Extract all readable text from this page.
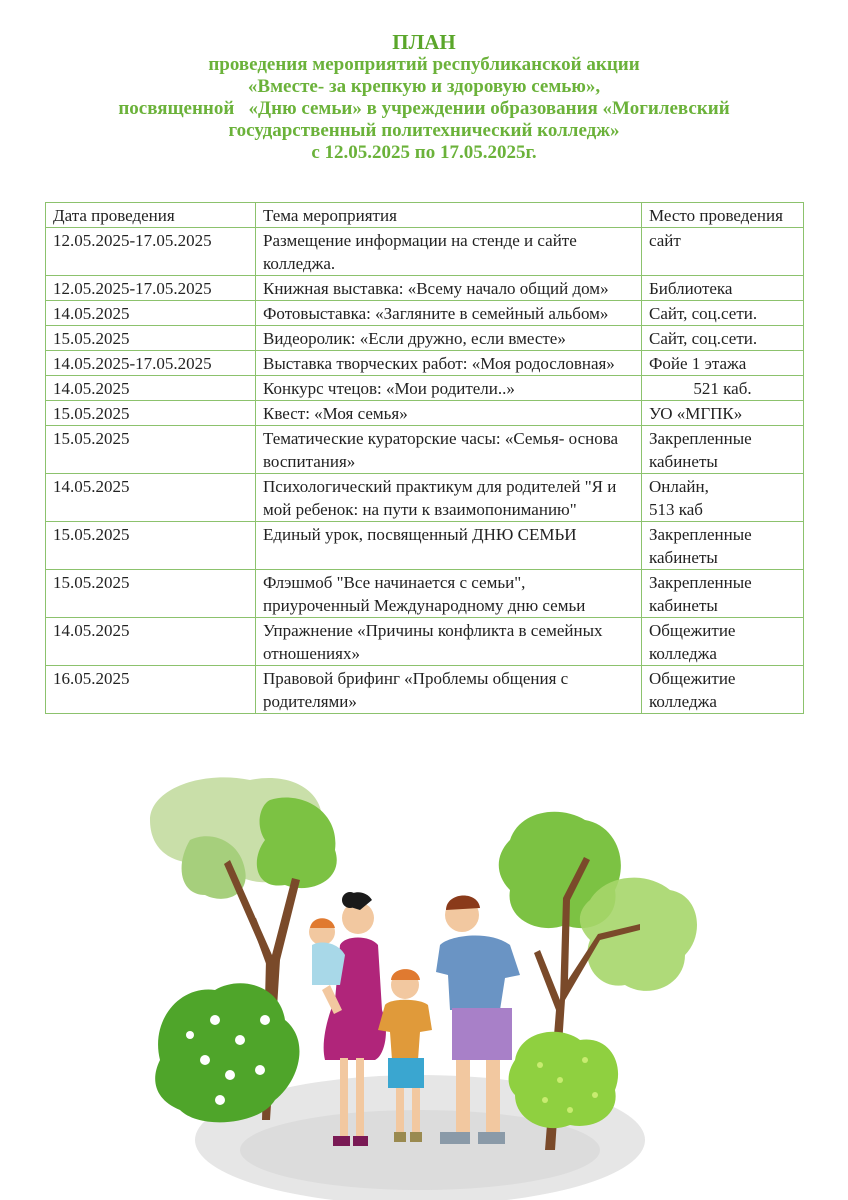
ПЛАН
проведения мероприятий республиканской акции
«Вместе- за крепкую и здоровую семью»,
посвященной   «Дню семьи» в учреждении образования «Могилевский
государственный политехнический колледж»
с 12.05.2025 по 17.05.2025г.
Дата проведения	Тема мероприятия	Место проведения
12.05.2025-17.05.2025	Размещение информации на стенде и сайте колледжа.	сайт
12.05.2025-17.05.2025	Книжная выставка: «Всему начало общий дом»	Библиотека
14.05.2025	Фотовыставка: «Загляните в семейный альбом»	Сайт, соц.сети.
15.05.2025	Видеоролик: «Если дружно, если вместе»	Сайт, соц.сети.
14.05.2025-17.05.2025	Выставка творческих работ: «Моя родословная»	Фойе 1 этажа
14.05.2025	Конкурс чтецов: «Мои родители..»	521 каб.
15.05.2025	Квест: «Моя семья»	УО «МГПК»
15.05.2025	Тематические кураторские часы: «Семья- основа воспитания»	Закрепленные кабинеты
14.05.2025	Психологический практикум для родителей "Я и мой ребенок: на пути к взаимопониманию"	Онлайн,
513 каб
15.05.2025	Единый урок, посвященный ДНЮ СЕМЬИ	Закрепленные кабинеты
15.05.2025	Флэшмоб "Все начинается с семьи", приуроченный Международному дню семьи	Закрепленные кабинеты
14.05.2025	Упражнение «Причины конфликта в семейных отношениях»	Общежитие колледжа
16.05.2025	Правовой брифинг «Проблемы общения с родителями»	Общежитие колледжа
